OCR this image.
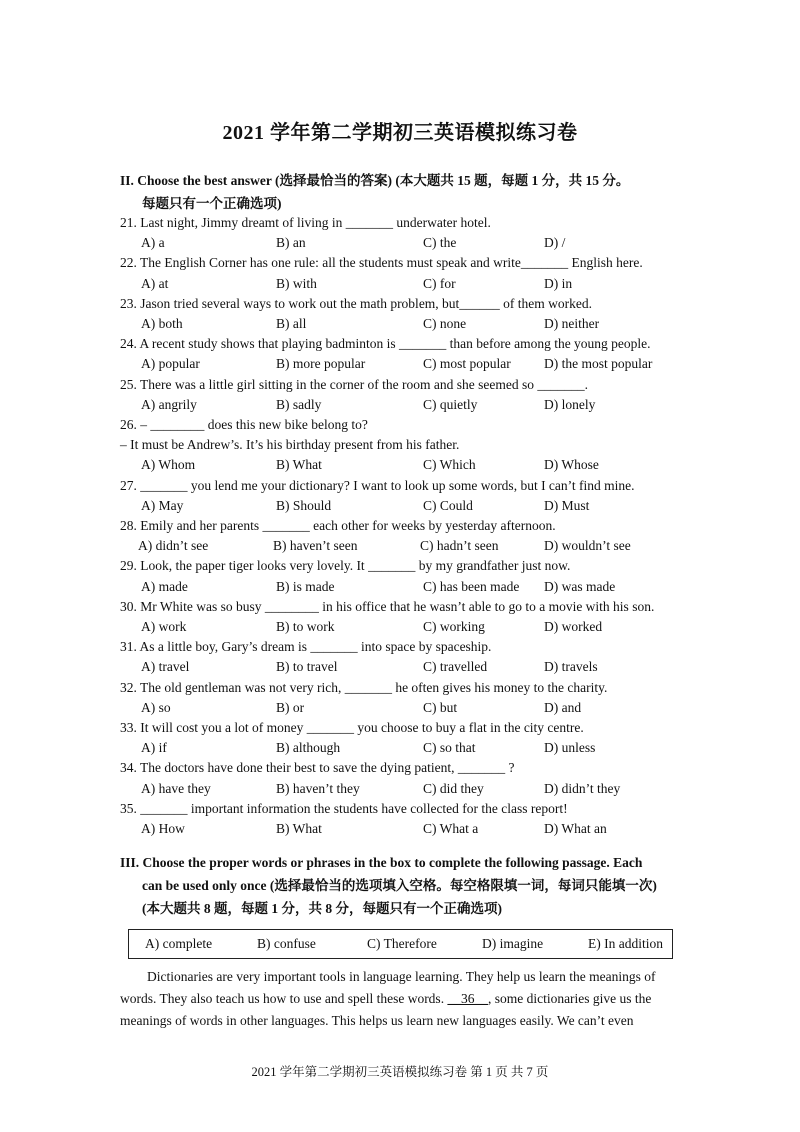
2021 学年第二学期初三英语模拟练习卷
II. Choose the best answer (选择最恰当的答案) (本大题共 15 题，每题 1 分，共 15 分。
每题只有一个正确选项)
21. Last night, Jimmy dreamt of living in _______ underwater hotel.
A) a	B) an	C) the	D) /
22. The English Corner has one rule: all the students must speak and write_______ English here.
A) at	B) with	C) for	D) in
23. Jason tried several ways to work out the math problem, but______ of them worked.
A) both	B) all	C) none	D) neither
24. A recent study shows that playing badminton is _______ than before among the young people.
A) popular	B) more popular	C) most popular D) the most popular
25. There was a little girl sitting in the corner of the room and she seemed so _______.
A) angrily	B) sadly	C) quietly	D) lonely
26. – ________ does this new bike belong to?
– It must be Andrew’s. It’s his birthday present from his father.
A) Whom	B) What	C) Which	D) Whose
27. _______ you lend me your dictionary? I want to look up some words, but I can’t find mine.
A) May	B) Should	C) Could	D) Must
28. Emily and her parents _______ each other for weeks by yesterday afternoon.
A) didn’t see	B) haven’t seen	C) hadn’t seen	D) wouldn’t see
29. Look, the paper tiger looks very lovely. It _______ by my grandfather just now.
A) made	B) is made	C) has been made D) was made
30. Mr White was so busy ________ in his office that he wasn’t able to go to a movie with his son.
A) work	B) to work	C) working	D) worked
31. As a little boy, Gary’s dream is _______ into space by spaceship.
A) travel	B) to travel	C) travelled	D) travels
32. The old gentleman was not very rich, _______ he often gives his money to the charity.
A) so	B) or	C) but	D) and
33. It will cost you a lot of money _______ you choose to buy a flat in the city centre.
A) if	B) although	C) so that	D) unless
34. The doctors have done their best to save the dying patient, _______ ?
A) have they	B) haven’t they	C) did they	D) didn’t they
35. _______ important information the students have collected for the class report!
A) How	B) What	C) What a	D) What an
III. Choose the proper words or phrases in the box to complete the following passage. Each
can be used only once (选择最恰当的选项填入空格。每空格限填一词，每词只能填一次)
(本大题共 8 题，每题 1 分，共 8 分，每题只有一个正确选项)
A) complete	B) confuse	C) Therefore	D) imagine	E) In addition
Dictionaries are very important tools in language learning. They help us learn the meanings of
words. They also teach us how to use and spell these words. __36__, some dictionaries give us the
meanings of words in other languages. This helps us learn new languages easily. We can’t even
2021 学年第二学期初三英语模拟练习卷 第 1 页 共 7 页
